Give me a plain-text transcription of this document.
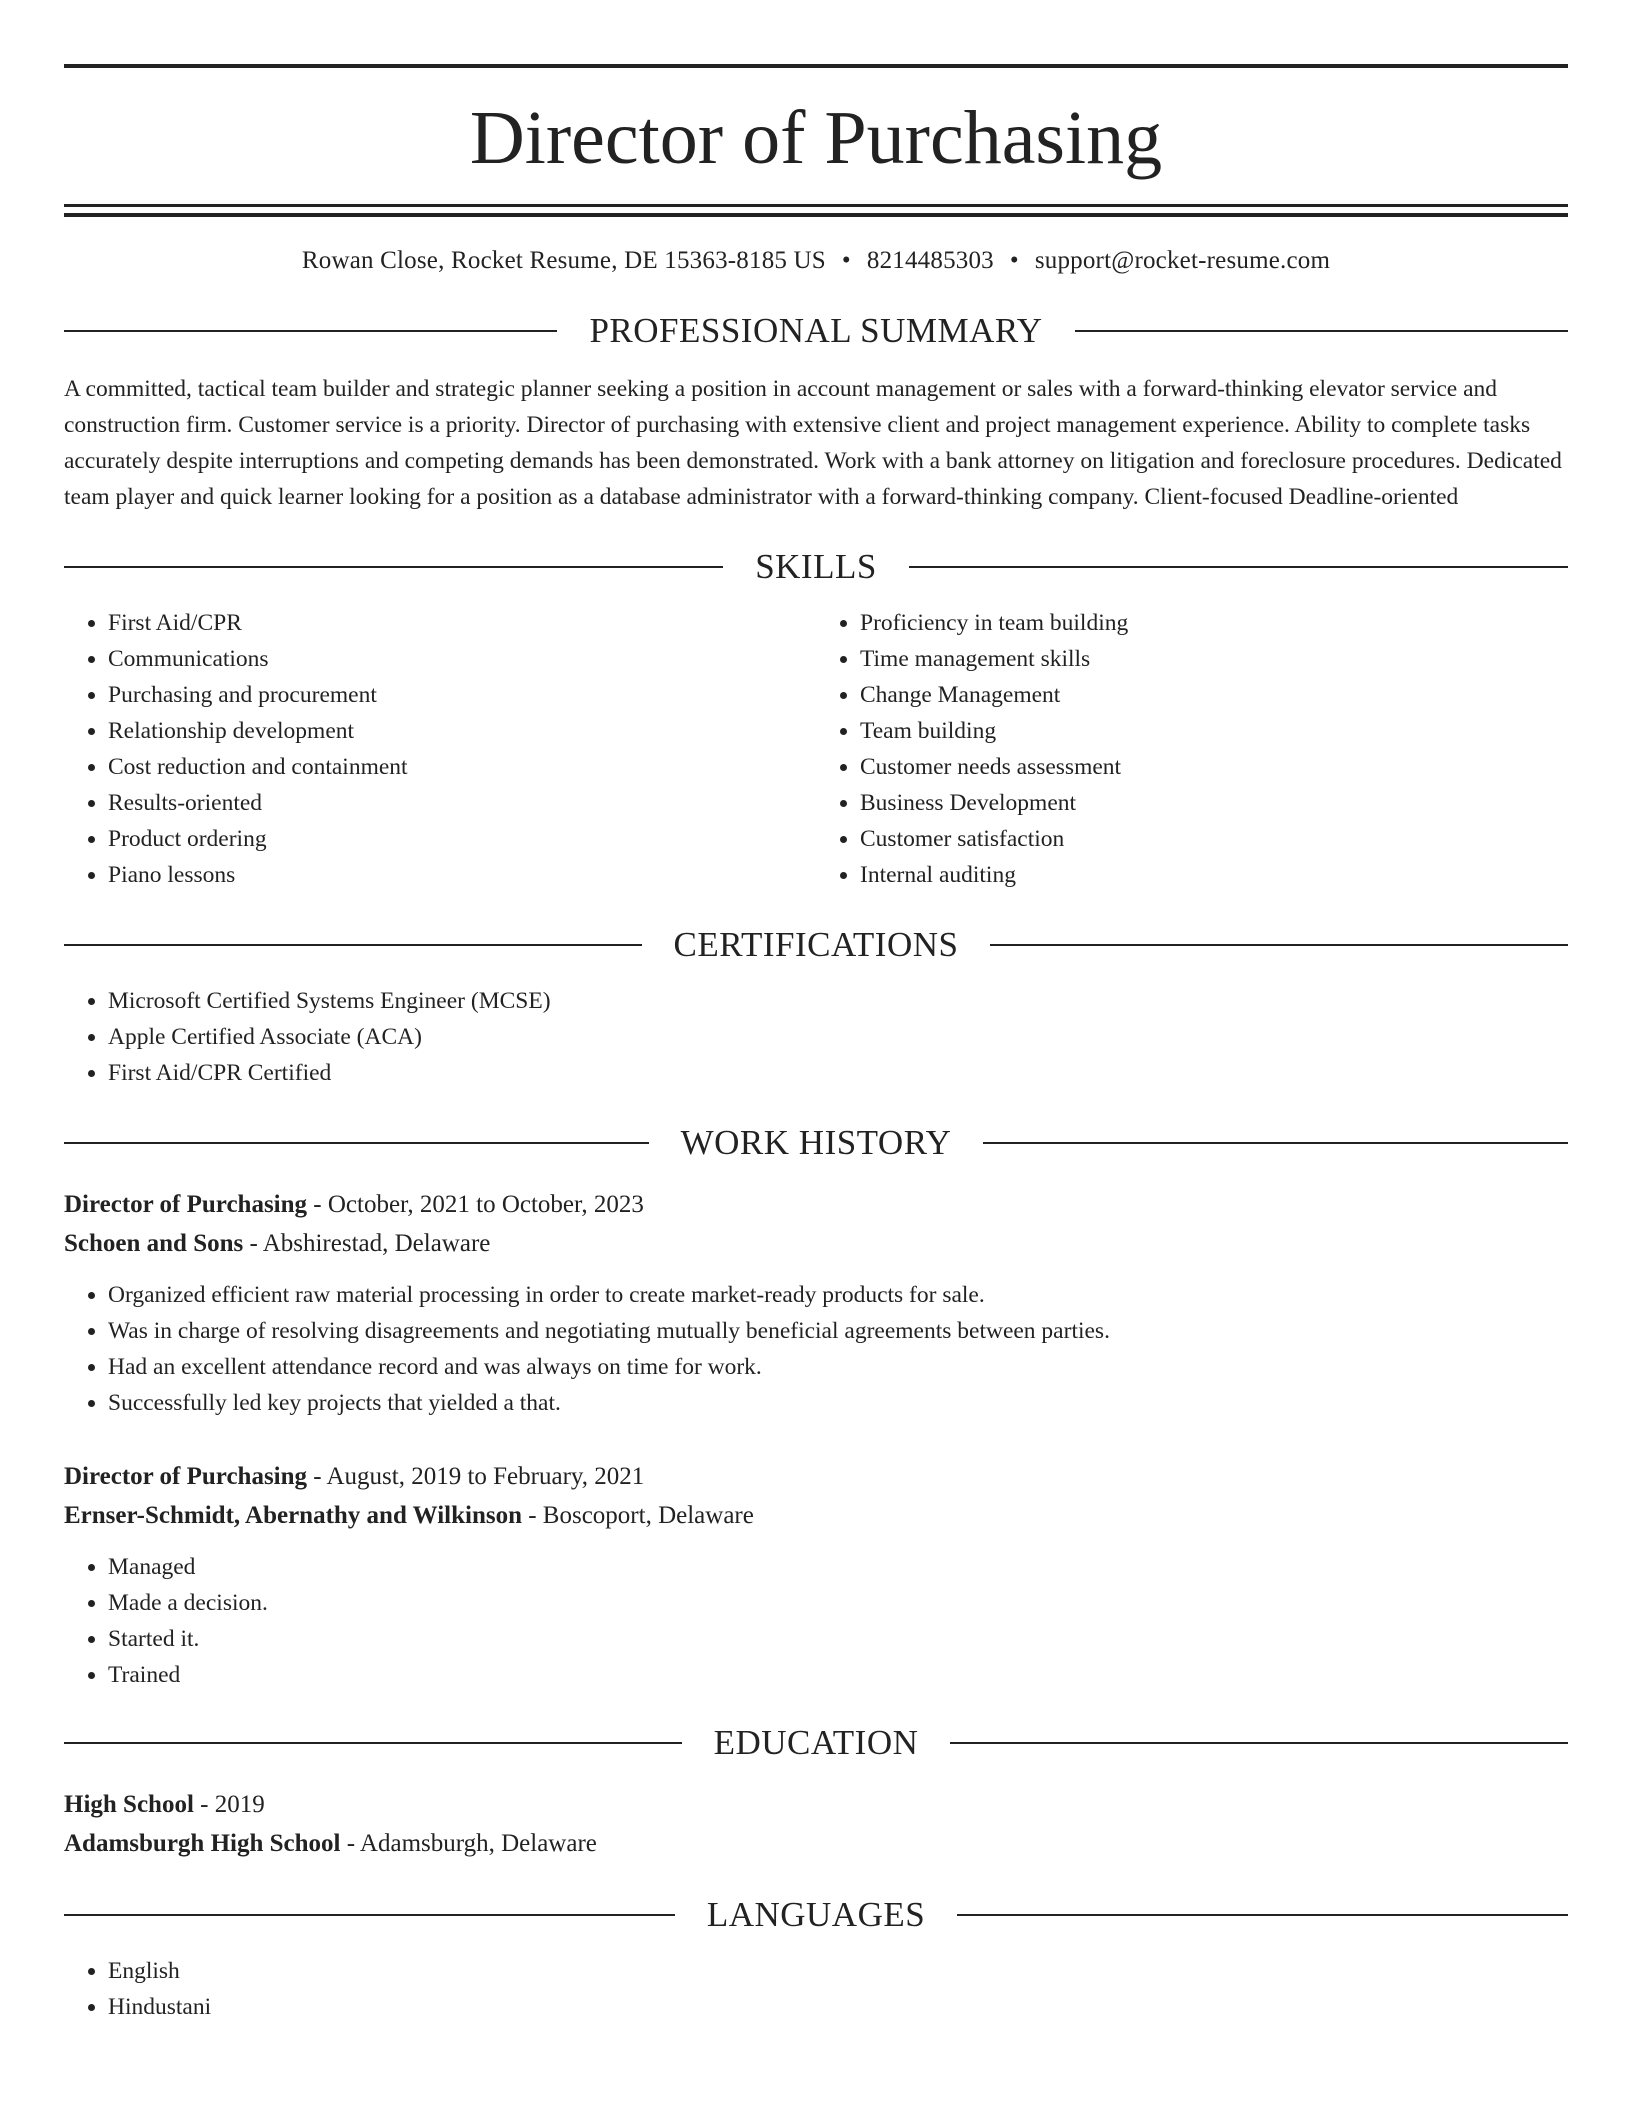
Director of Purchasing
Rowan Close, Rocket Resume, DE 15363-8185 US • 8214485303 • support@rocket-resume.com
PROFESSIONAL SUMMARY
A committed, tactical team builder and strategic planner seeking a position in account management or sales with a forward-thinking elevator service and construction firm. Customer service is a priority. Director of purchasing with extensive client and project management experience. Ability to complete tasks accurately despite interruptions and competing demands has been demonstrated. Work with a bank attorney on litigation and foreclosure procedures. Dedicated team player and quick learner looking for a position as a database administrator with a forward-thinking company. Client-focused Deadline-oriented
SKILLS
• First Aid/CPR
• Communications
• Purchasing and procurement
• Relationship development
• Cost reduction and containment
• Results-oriented
• Product ordering
• Piano lessons
• Proficiency in team building
• Time management skills
• Change Management
• Team building
• Customer needs assessment
• Business Development
• Customer satisfaction
• Internal auditing
CERTIFICATIONS
• Microsoft Certified Systems Engineer (MCSE)
• Apple Certified Associate (ACA)
• First Aid/CPR Certified
WORK HISTORY
Director of Purchasing - October, 2021 to October, 2023
Schoen and Sons - Abshirestad, Delaware
• Organized efficient raw material processing in order to create market-ready products for sale.
• Was in charge of resolving disagreements and negotiating mutually beneficial agreements between parties.
• Had an excellent attendance record and was always on time for work.
• Successfully led key projects that yielded a that.
Director of Purchasing - August, 2019 to February, 2021
Ernser-Schmidt, Abernathy and Wilkinson - Boscoport, Delaware
• Managed
• Made a decision.
• Started it.
• Trained
EDUCATION
High School - 2019
Adamsburgh High School - Adamsburgh, Delaware
LANGUAGES
• English
• Hindustani
